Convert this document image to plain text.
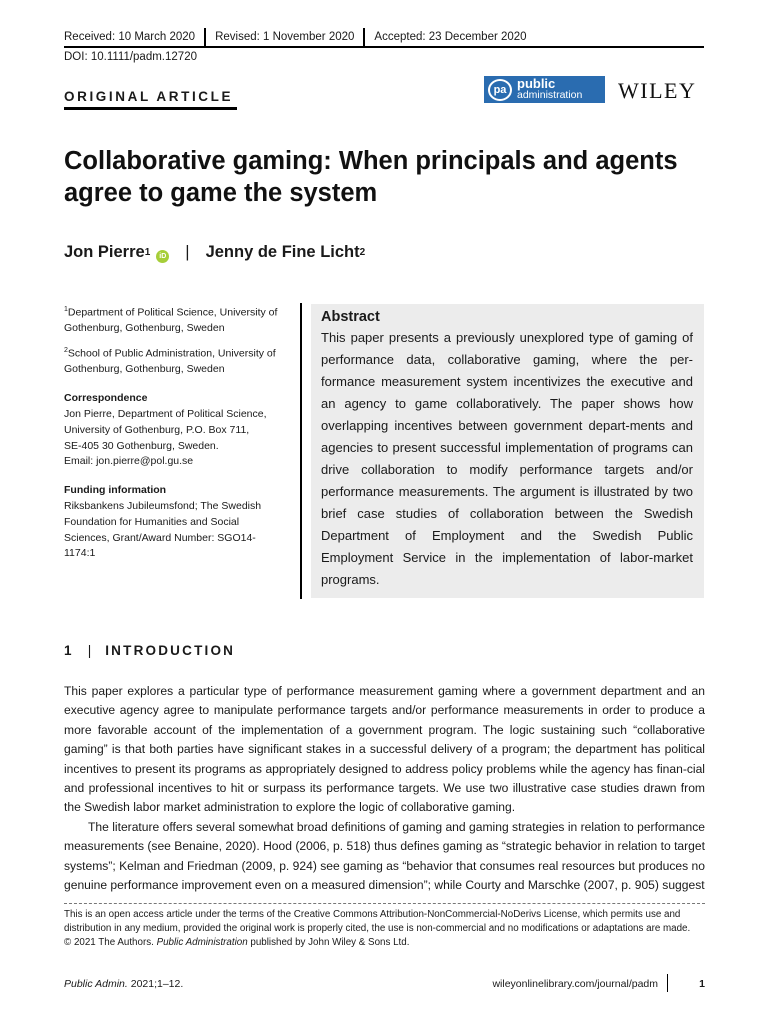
Received: 10 March 2020 Revised: 1 November 2020 Accepted: 23 December 2020
DOI: 10.1111/padm.12720
ORIGINAL ARTICLE	pa public
administration WILEY
Collaborative gaming: When principals and agents agree to game the system
Jon Pierre$^1$	iD | Jenny de Fine Licht$^2$
$^1$Department of Political Science, University of Gothenburg, Gothenburg, Sweden
$^2$School of Public Administration, University of Gothenburg, Gothenburg, Sweden
Correspondence
Jon Pierre, Department of Political Science,
University of Gothenburg, P.O. Box 711,
SE-405 30 Gothenburg, Sweden.
Email: jon.pierre@pol.gu.se
Funding information
Riksbankens Jubileumsfond; The Swedish Foundation for Humanities and Social Sciences, Grant/Award Number: SGO14-1174:1
Abstract
This paper presents a previously unexplored type of gaming of performance data, collaborative gaming, where the per-formance measurement system incentivizes the executive and an agency to game collaboratively. The paper shows how overlapping incentives between government depart-ments and agencies to present successful implementation of programs can drive collaboration to modify performance targets and/or performance measurements. The argument is illustrated by two brief case studies of collaboration between the Swedish Department of Employment and the Swedish Public Employment Service in the implementation of labor-market programs.
1 | INTRODUCTION

This paper explores a particular type of performance measurement gaming where a government department and an executive agency agree to manipulate performance targets and/or performance measurements in order to produce a more favorable account of the implementation of a government program. The logic sustaining such “collaborative gaming” is that both parties have significant stakes in a successful delivery of a program; the department has political incentives to present its programs as appropriately designed to address policy problems while the agency has finan-cial and professional incentives to hit or surpass its performance targets. We use two illustrative case studies drawn from the Swedish labor market administration to explore the logic of collaborative gaming.

The literature offers several somewhat broad definitions of gaming and gaming strategies in relation to performance measurements (see Benaine, 2020). Hood (2006, p. 518) thus defines gaming as “strategic behavior in relation to target systems”; Kelman and Friedman (2009, p. 924) see gaming as “behavior that consumes real resources but produces no genuine performance improvement even on a measured dimension”; while Courty and Marschke (2007, p. 905) suggest

This is an open access article under the terms of the Creative Commons Attribution-NonCommercial-NoDerivs License, which permits use and distribution in any medium, provided the original work is properly cited, the use is non-commercial and no modifications or adaptations are made.
© 2021 The Authors. Public Administration published by John Wiley & Sons Ltd.
Public Admin. 2021;1–12.	wileyonlinelibrary.com/journal/padm	1
